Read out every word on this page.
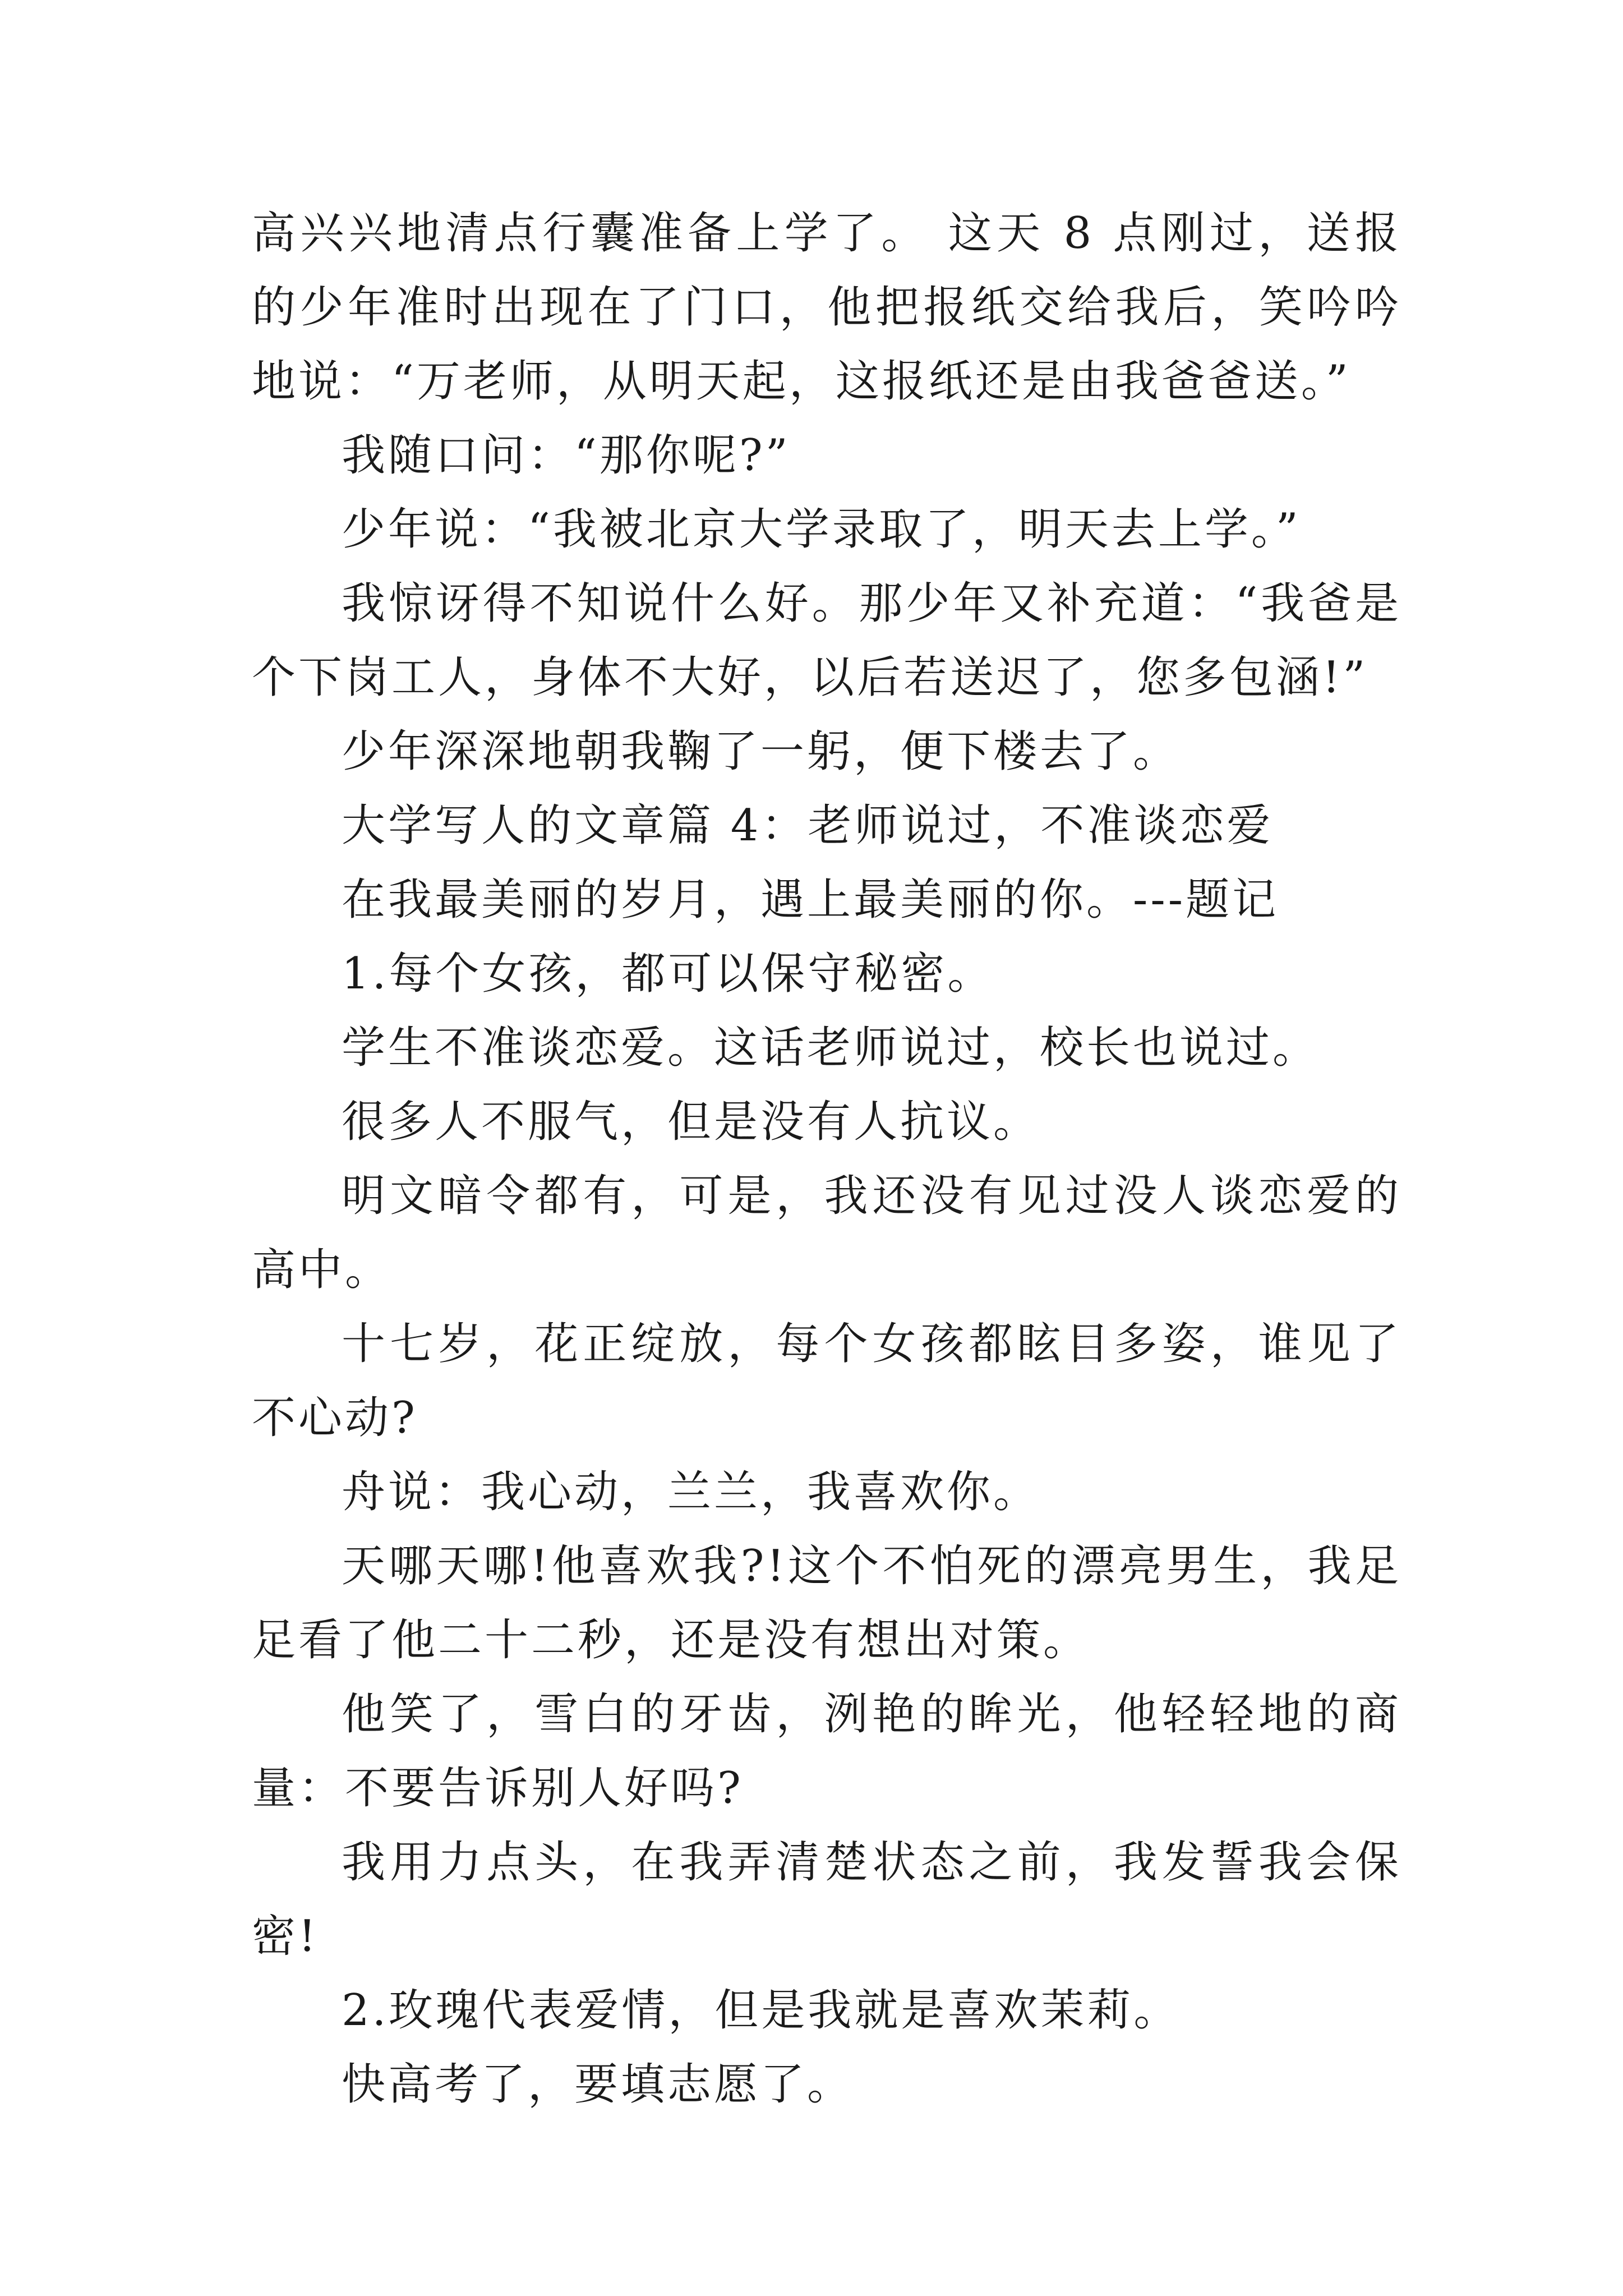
高兴兴地清点行囊准备上学了。 这天 8 点刚过，送报的少年准时出现在了门口，他把报纸交给我后，笑吟吟地说：“万老师，从明天起，这报纸还是由我爸爸送。”

我随口问：“那你呢?”

少年说：“我被北京大学录取了，明天去上学。”

我惊讶得不知说什么好。那少年又补充道：“我爸是个下岗工人，身体不大好，以后若送迟了，您多包涵!”

少年深深地朝我鞠了一躬，便下楼去了。

大学写人的文章篇 4：老师说过，不准谈恋爱

在我最美丽的岁月，遇上最美丽的你。---题记

1.每个女孩，都可以保守秘密。

学生不准谈恋爱。这话老师说过，校长也说过。

很多人不服气，但是没有人抗议。

明文暗令都有，可是，我还没有见过没人谈恋爱的高中。

十七岁，花正绽放，每个女孩都眩目多姿，谁见了不心动?

舟说：我心动，兰兰，我喜欢你。

天哪天哪!他喜欢我?!这个不怕死的漂亮男生，我足足看了他二十二秒，还是没有想出对策。

他笑了，雪白的牙齿，洌艳的眸光，他轻轻地的商量：不要告诉别人好吗?

我用力点头，在我弄清楚状态之前，我发誓我会保密!

2.玫瑰代表爱情，但是我就是喜欢茉莉。

快高考了，要填志愿了。
